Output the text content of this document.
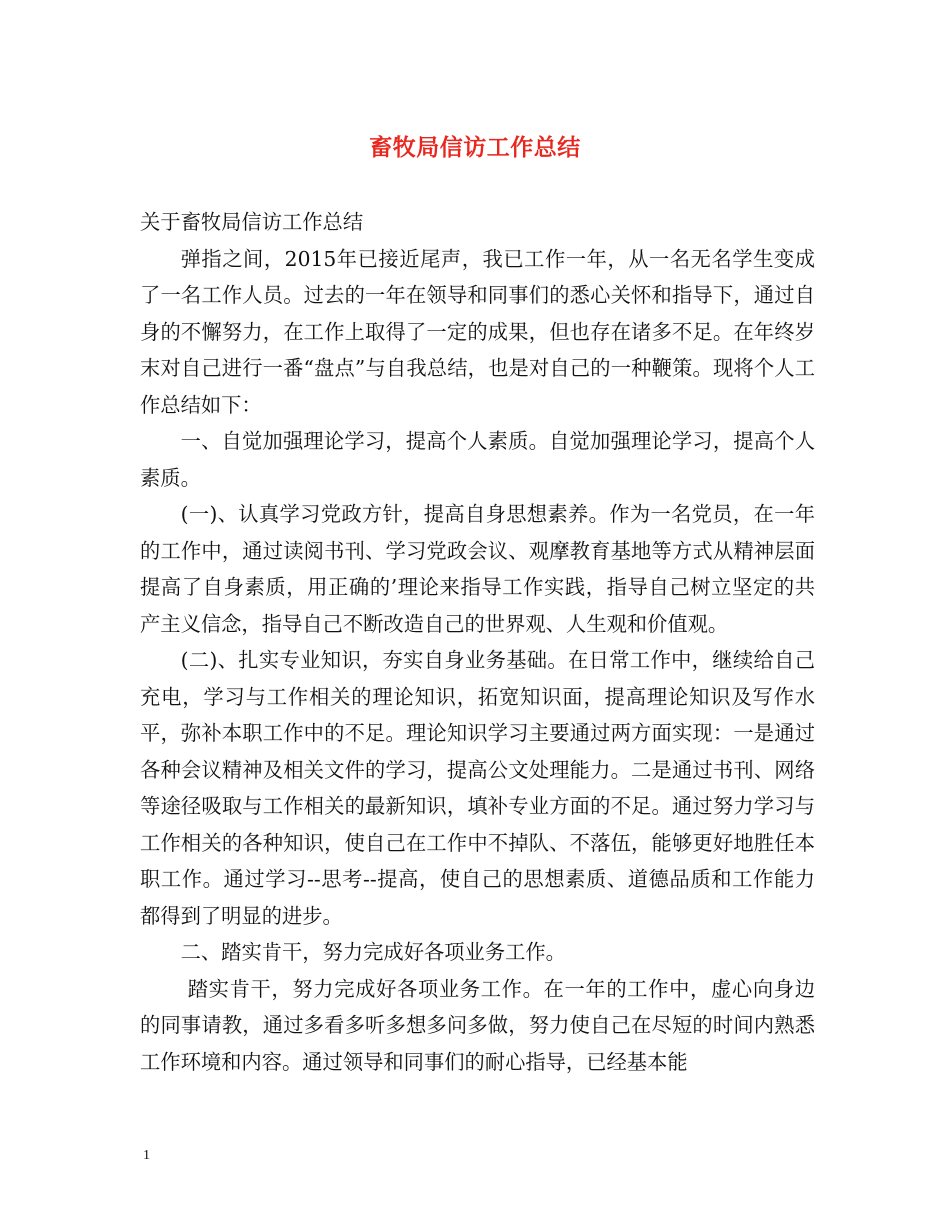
畜牧局信访工作总结

关于畜牧局信访工作总结

弹指之间，2015年已接近尾声，我已工作一年，从一名无名学生变成了一名工作人员。过去的一年在领导和同事们的悉心关怀和指导下，通过自身的不懈努力，在工作上取得了一定的成果，但也存在诸多不足。在年终岁末对自己进行一番“盘点”与自我总结，也是对自己的一种鞭策。现将个人工作总结如下：

一、自觉加强理论学习，提高个人素质。自觉加强理论学习，提高个人素质。

(一)、认真学习党政方针，提高自身思想素养。作为一名党员，在一年的工作中，通过读阅书刊、学习党政会议、观摩教育基地等方式从精神层面提高了自身素质，用正确的’理论来指导工作实践，指导自己树立坚定的共产主义信念，指导自己不断改造自己的世界观、人生观和价值观。

(二)、扎实专业知识，夯实自身业务基础。在日常工作中，继续给自己充电，学习与工作相关的理论知识，拓宽知识面，提高理论知识及写作水平，弥补本职工作中的不足。理论知识学习主要通过两方面实现：一是通过各种会议精神及相关文件的学习，提高公文处理能力。二是通过书刊、网络等途径吸取与工作相关的最新知识，填补专业方面的不足。通过努力学习与工作相关的各种知识，使自己在工作中不掉队、不落伍，能够更好地胜任本职工作。通过学习--思考--提高，使自己的思想素质、道德品质和工作能力都得到了明显的进步。

二、踏实肯干，努力完成好各项业务工作。

踏实肯干，努力完成好各项业务工作。在一年的工作中，虚心向身边的同事请教，通过多看多听多想多问多做，努力使自己在尽短的时间内熟悉工作环境和内容。通过领导和同事们的耐心指导，已经基本能

1
